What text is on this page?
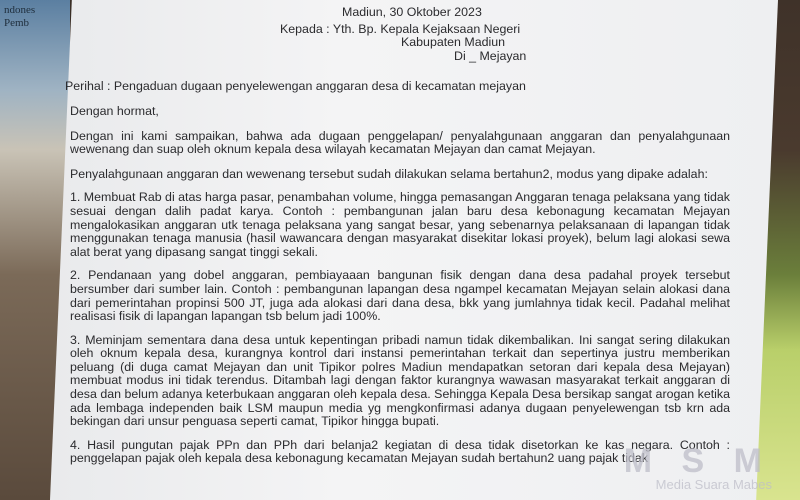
ndones
Pemb

Madiun, 30 Oktober 2023

Kepada : Yth. Bp. Kepala Kejaksaan Negeri

Kabupaten Madiun

Di _ Mejayan

Perihal : Pengaduan dugaan penyelewengan anggaran desa di kecamatan mejayan

Dengan hormat,

Dengan ini kami sampaikan, bahwa ada dugaan penggelapan/ penyalahgunaan anggaran dan penyalahgunaan wewenang dan suap oleh oknum kepala desa wilayah kecamatan Mejayan dan camat Mejayan.

Penyalahgunaan anggaran dan wewenang tersebut sudah dilakukan selama bertahun2, modus yang dipake adalah:

1. Membuat Rab di atas harga pasar, penambahan volume, hingga pemasangan Anggaran tenaga pelaksana yang tidak sesuai dengan dalih padat karya. Contoh : pembangunan jalan baru desa kebonagung kecamatan Mejayan mengalokasikan anggaran utk tenaga pelaksana yang sangat besar, yang sebenarnya pelaksanaan di lapangan tidak menggunakan tenaga manusia (hasil wawancara dengan masyarakat disekitar lokasi proyek), belum lagi alokasi sewa alat berat yang dipasang sangat tinggi sekali.

2. Pendanaan yang dobel anggaran, pembiayaaan bangunan fisik dengan dana desa padahal proyek tersebut bersumber dari sumber lain. Contoh : pembangunan lapangan desa ngampel kecamatan Mejayan selain alokasi dana dari pemerintahan propinsi 500 JT, juga ada alokasi dari dana desa, bkk yang jumlahnya tidak kecil. Padahal melihat realisasi fisik di lapangan lapangan tsb belum jadi 100%.

3. Meminjam sementara dana desa untuk kepentingan pribadi namun tidak dikembalikan. Ini sangat sering dilakukan oleh oknum kepala desa, kurangnya kontrol dari instansi pemerintahan terkait dan sepertinya justru memberikan peluang (di duga camat Mejayan dan unit Tipikor polres Madiun mendapatkan setoran dari kepala desa Mejayan) membuat modus ini tidak terendus. Ditambah lagi dengan faktor kurangnya wawasan masyarakat terkait anggaran di desa dan belum adanya keterbukaan anggaran oleh kepala desa. Sehingga Kepala Desa bersikap sangat arogan ketika ada lembaga independen baik LSM maupun media yg mengkonfirmasi adanya dugaan penyelewengan tsb krn ada bekingan dari unsur penguasa seperti camat, Tipikor hingga bupati.

4. Hasil pungutan pajak PPn dan PPh dari belanja2 kegiatan di desa tidak disetorkan ke kas negara. Contoh : penggelapan pajak oleh kepala desa kebonagung kecamatan Mejayan sudah bertahun2 uang pajak tidak

M S M
Media Suara Mabes
